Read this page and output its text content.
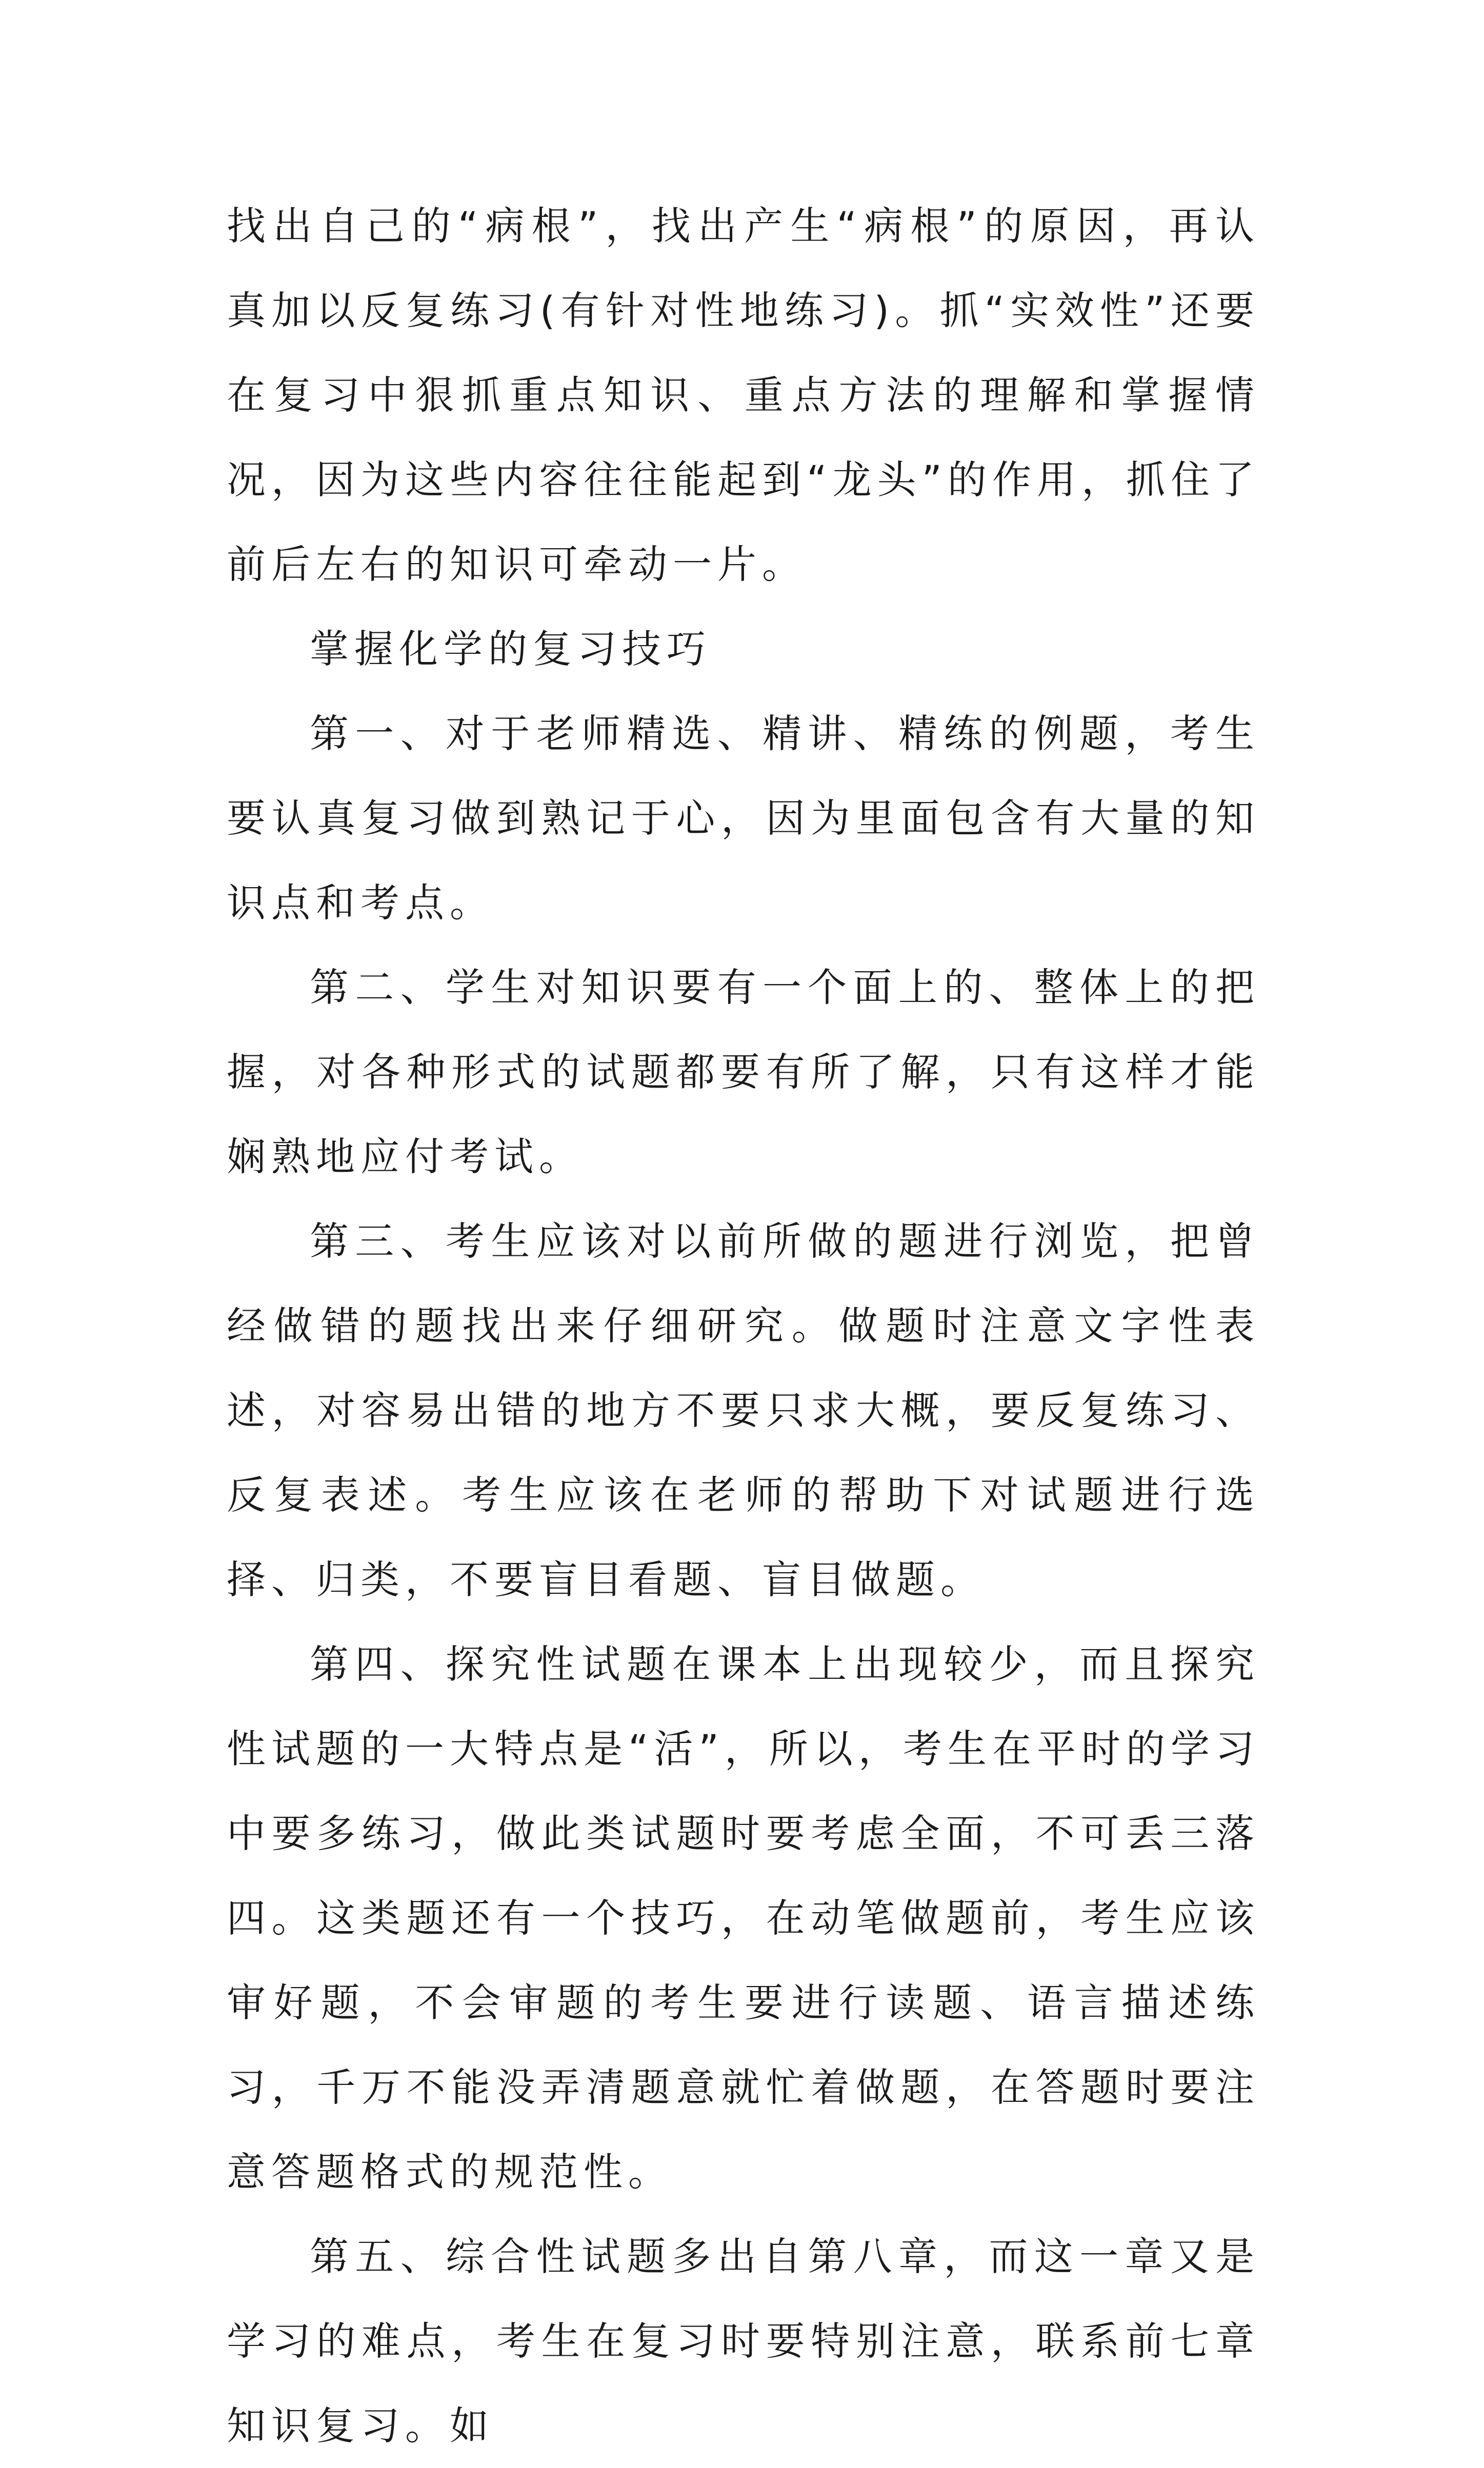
找出自己的“病根”，找出产生“病根”的原因，再认真加以反复练习(有针对性地练习)。抓“实效性”还要在复习中狠抓重点知识、重点方法的理解和掌握情况，因为这些内容往往能起到“龙头”的作用，抓住了前后左右的知识可牵动一片。

掌握化学的复习技巧

第一、对于老师精选、精讲、精练的例题，考生要认真复习做到熟记于心，因为里面包含有大量的知识点和考点。

第二、学生对知识要有一个面上的、整体上的把握，对各种形式的试题都要有所了解，只有这样才能娴熟地应付考试。

第三、考生应该对以前所做的题进行浏览，把曾经做错的题找出来仔细研究。做题时注意文字性表述，对容易出错的地方不要只求大概，要反复练习、反复表述。考生应该在老师的帮助下对试题进行选择、归类，不要盲目看题、盲目做题。

第四、探究性试题在课本上出现较少，而且探究性试题的一大特点是“活”，所以，考生在平时的学习中要多练习，做此类试题时要考虑全面，不可丢三落四。这类题还有一个技巧，在动笔做题前，考生应该审好题，不会审题的考生要进行读题、语言描述练习，千万不能没弄清题意就忙着做题，在答题时要注意答题格式的规范性。

第五、综合性试题多出自第八章，而这一章又是学习的难点，考生在复习时要特别注意，联系前七章知识复习。如
